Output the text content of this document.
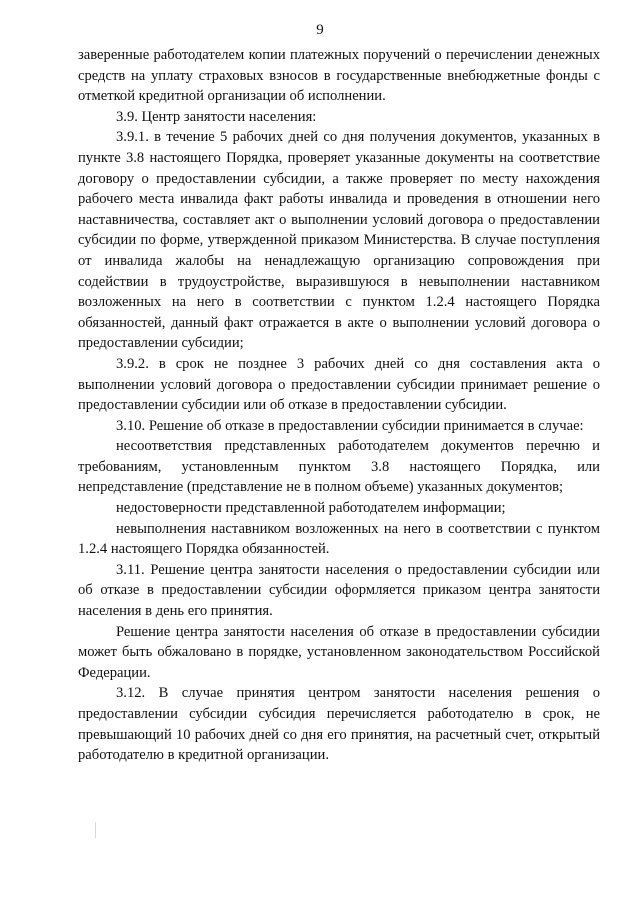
9

заверенные работодателем копии платежных поручений о перечислении денежных средств на уплату страховых взносов в государственные внебюджетные фонды с отметкой кредитной организации об исполнении.

3.9. Центр занятости населения:

3.9.1. в течение 5 рабочих дней со дня получения документов, указанных в пункте 3.8 настоящего Порядка, проверяет указанные документы на соответствие договору о предоставлении субсидии, а также проверяет по месту нахождения рабочего места инвалида факт работы инвалида и проведения в отношении него наставничества, составляет акт о выполнении условий договора о предоставлении субсидии по форме, утвержденной приказом Министерства. В случае поступления от инвалида жалобы на ненадлежащую организацию сопровождения при содействии в трудоустройстве, выразившуюся в невыполнении наставником возложенных на него в соответствии с пунктом 1.2.4 настоящего Порядка обязанностей, данный факт отражается в акте о выполнении условий договора о предоставлении субсидии;

3.9.2. в срок не позднее 3 рабочих дней со дня составления акта о выполнении условий договора о предоставлении субсидии принимает решение о предоставлении субсидии или об отказе в предоставлении субсидии.

3.10. Решение об отказе в предоставлении субсидии принимается в случае:

несоответствия представленных работодателем документов перечню и требованиям, установленным пунктом 3.8 настоящего Порядка, или непредставление (представление не в полном объеме) указанных документов;

недостоверности представленной работодателем информации;

невыполнения наставником возложенных на него в соответствии с пунктом 1.2.4 настоящего Порядка обязанностей.

3.11. Решение центра занятости населения о предоставлении субсидии или об отказе в предоставлении субсидии оформляется приказом центра занятости населения в день его принятия.

Решение центра занятости населения об отказе в предоставлении субсидии может быть обжаловано в порядке, установленном законодательством Российской Федерации.

3.12. В случае принятия центром занятости населения решения о предоставлении субсидии субсидия перечисляется работодателю в срок, не превышающий 10 рабочих дней со дня его принятия, на расчетный счет, открытый работодателю в кредитной организации.
